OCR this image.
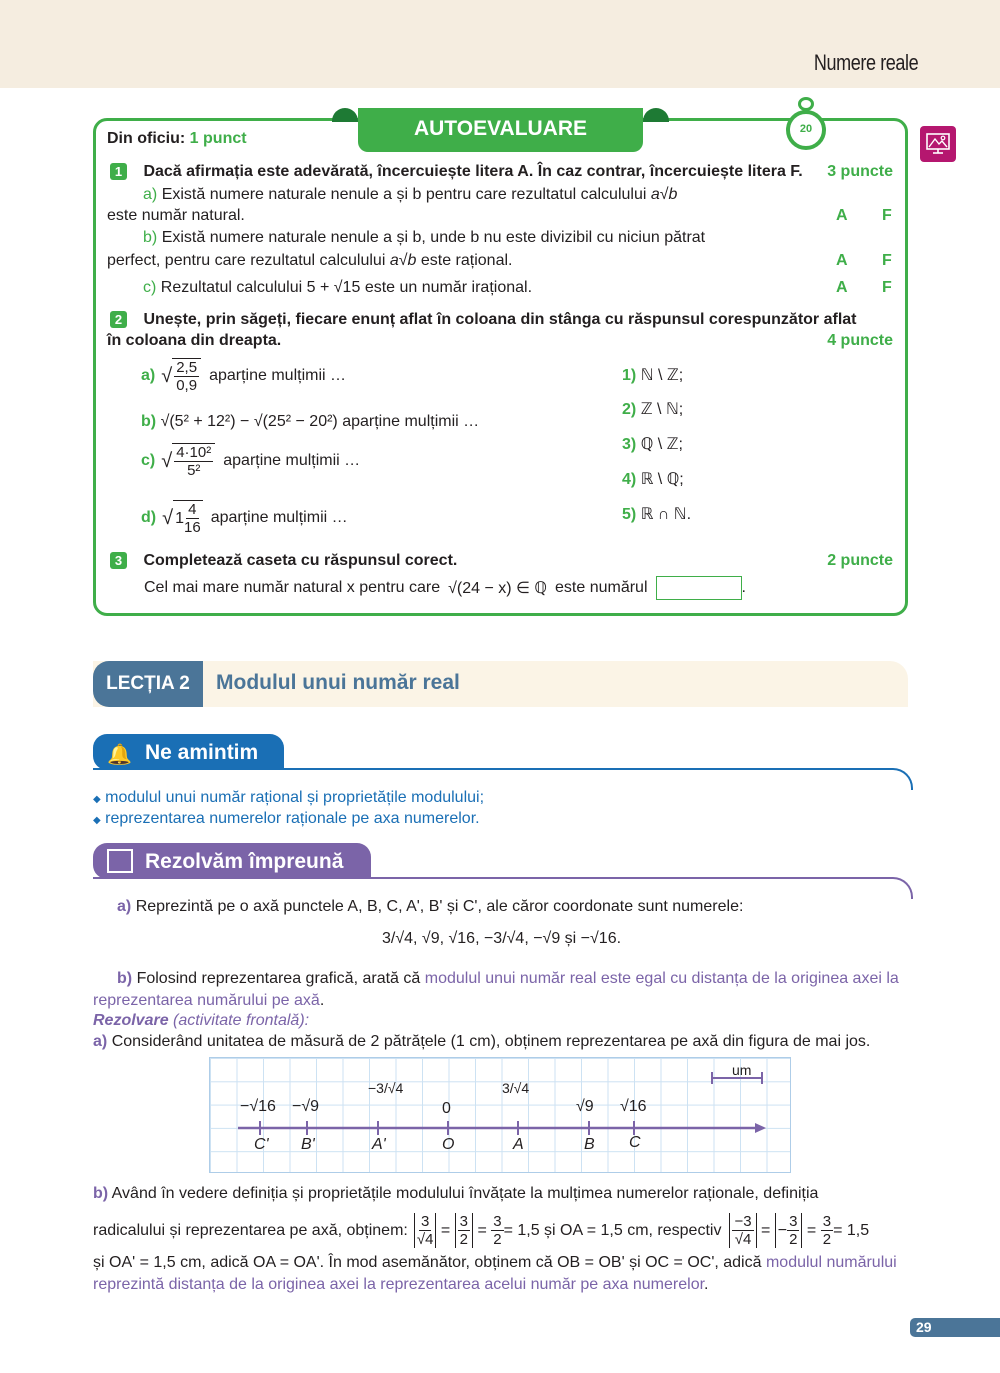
Numere reale
AUTOEVALUARE	20
Din oficiu: 1 punct
1 Dacă afirmația este adevărată, încercuiește litera A. În caz contrar, încercuiește litera F. 3 puncte
a) Există numere naturale nenule a și b pentru care rezultatul calculului a√b
este număr natural.	A F
b) Există numere naturale nenule a și b, unde b nu este divizibil cu niciun pătrat
perfect, pentru care rezultatul calculului a√b este rațional.	A F
c) Rezultatul calculului 5 + √15 este un număr irațional.	A F
2 Unește, prin săgeți, fiecare enunț aflat în coloana din stânga cu răspunsul corespunzător aflat
în coloana din dreapta.	4 puncte
a) √ $\frac{2,5}{0,9}$ aparține mulțimii …
b) √(5² + 12²) − √(25² − 20²) aparține mulțimii …
c) √ $\frac{\text{4·10²}}{\text{5²}}$ aparține mulțimii …
d) √ $1 \frac{4}{16}$ aparține mulțimii …
1) ℕ \ ℤ;
2) ℤ \ ℕ;
3) ℚ \ ℤ;
4) ℝ \ ℚ;
5) ℝ ∩ ℕ.
3 Completează caseta cu răspunsul corect.	2 puncte
Cel mai mare număr natural x pentru care √(24 − x) ∈ ℚ este numărul	.
LECȚIA 2	Modulul unui număr real
🔔 Ne amintim
◆ modulul unui număr rațional și proprietățile modulului;
◆ reprezentarea numerelor raționale pe axa numerelor.
Rezolvăm împreună
a) Reprezintă pe o axă punctele A, B, C, A', B' și C', ale căror coordonate sunt numerele:
3/√4, √9, √16, −3/√4, −√9 și −√16.
b) Folosind reprezentarea grafică, arată că modulul unui număr real este egal cu distanța de la originea axei la reprezentarea numărului pe axă.
Rezolvare (activitate frontală):
a) Considerând unitatea de măsură de 2 pătrățele (1 cm), obținem reprezentarea pe axă din figura de mai jos.
um
−√16 −√9
−3/√4
0
3/√4
√9 √16
C' B'	A'	O	A	B C
b) Având în vedere definiția și proprietățile modulului învățate la mulțimea numerelor raționale, definiția
radicalului și reprezentarea pe axă, obținem: $\frac{3}{√4} = \frac{3}{2} = \frac{3}{2} = 1,5$ și OA = 1,5 cm, respectiv $\frac{-3}{√4}$ = − $\frac{3}{2} = \frac{3}{2} = 1,5$
și OA' = 1,5 cm, adică OA = OA'. În mod asemănător, obținem că OB = OB' și OC = OC', adică modulul numărului
reprezintă distanța de la originea axei la reprezentarea acelui număr pe axa numerelor.
29
